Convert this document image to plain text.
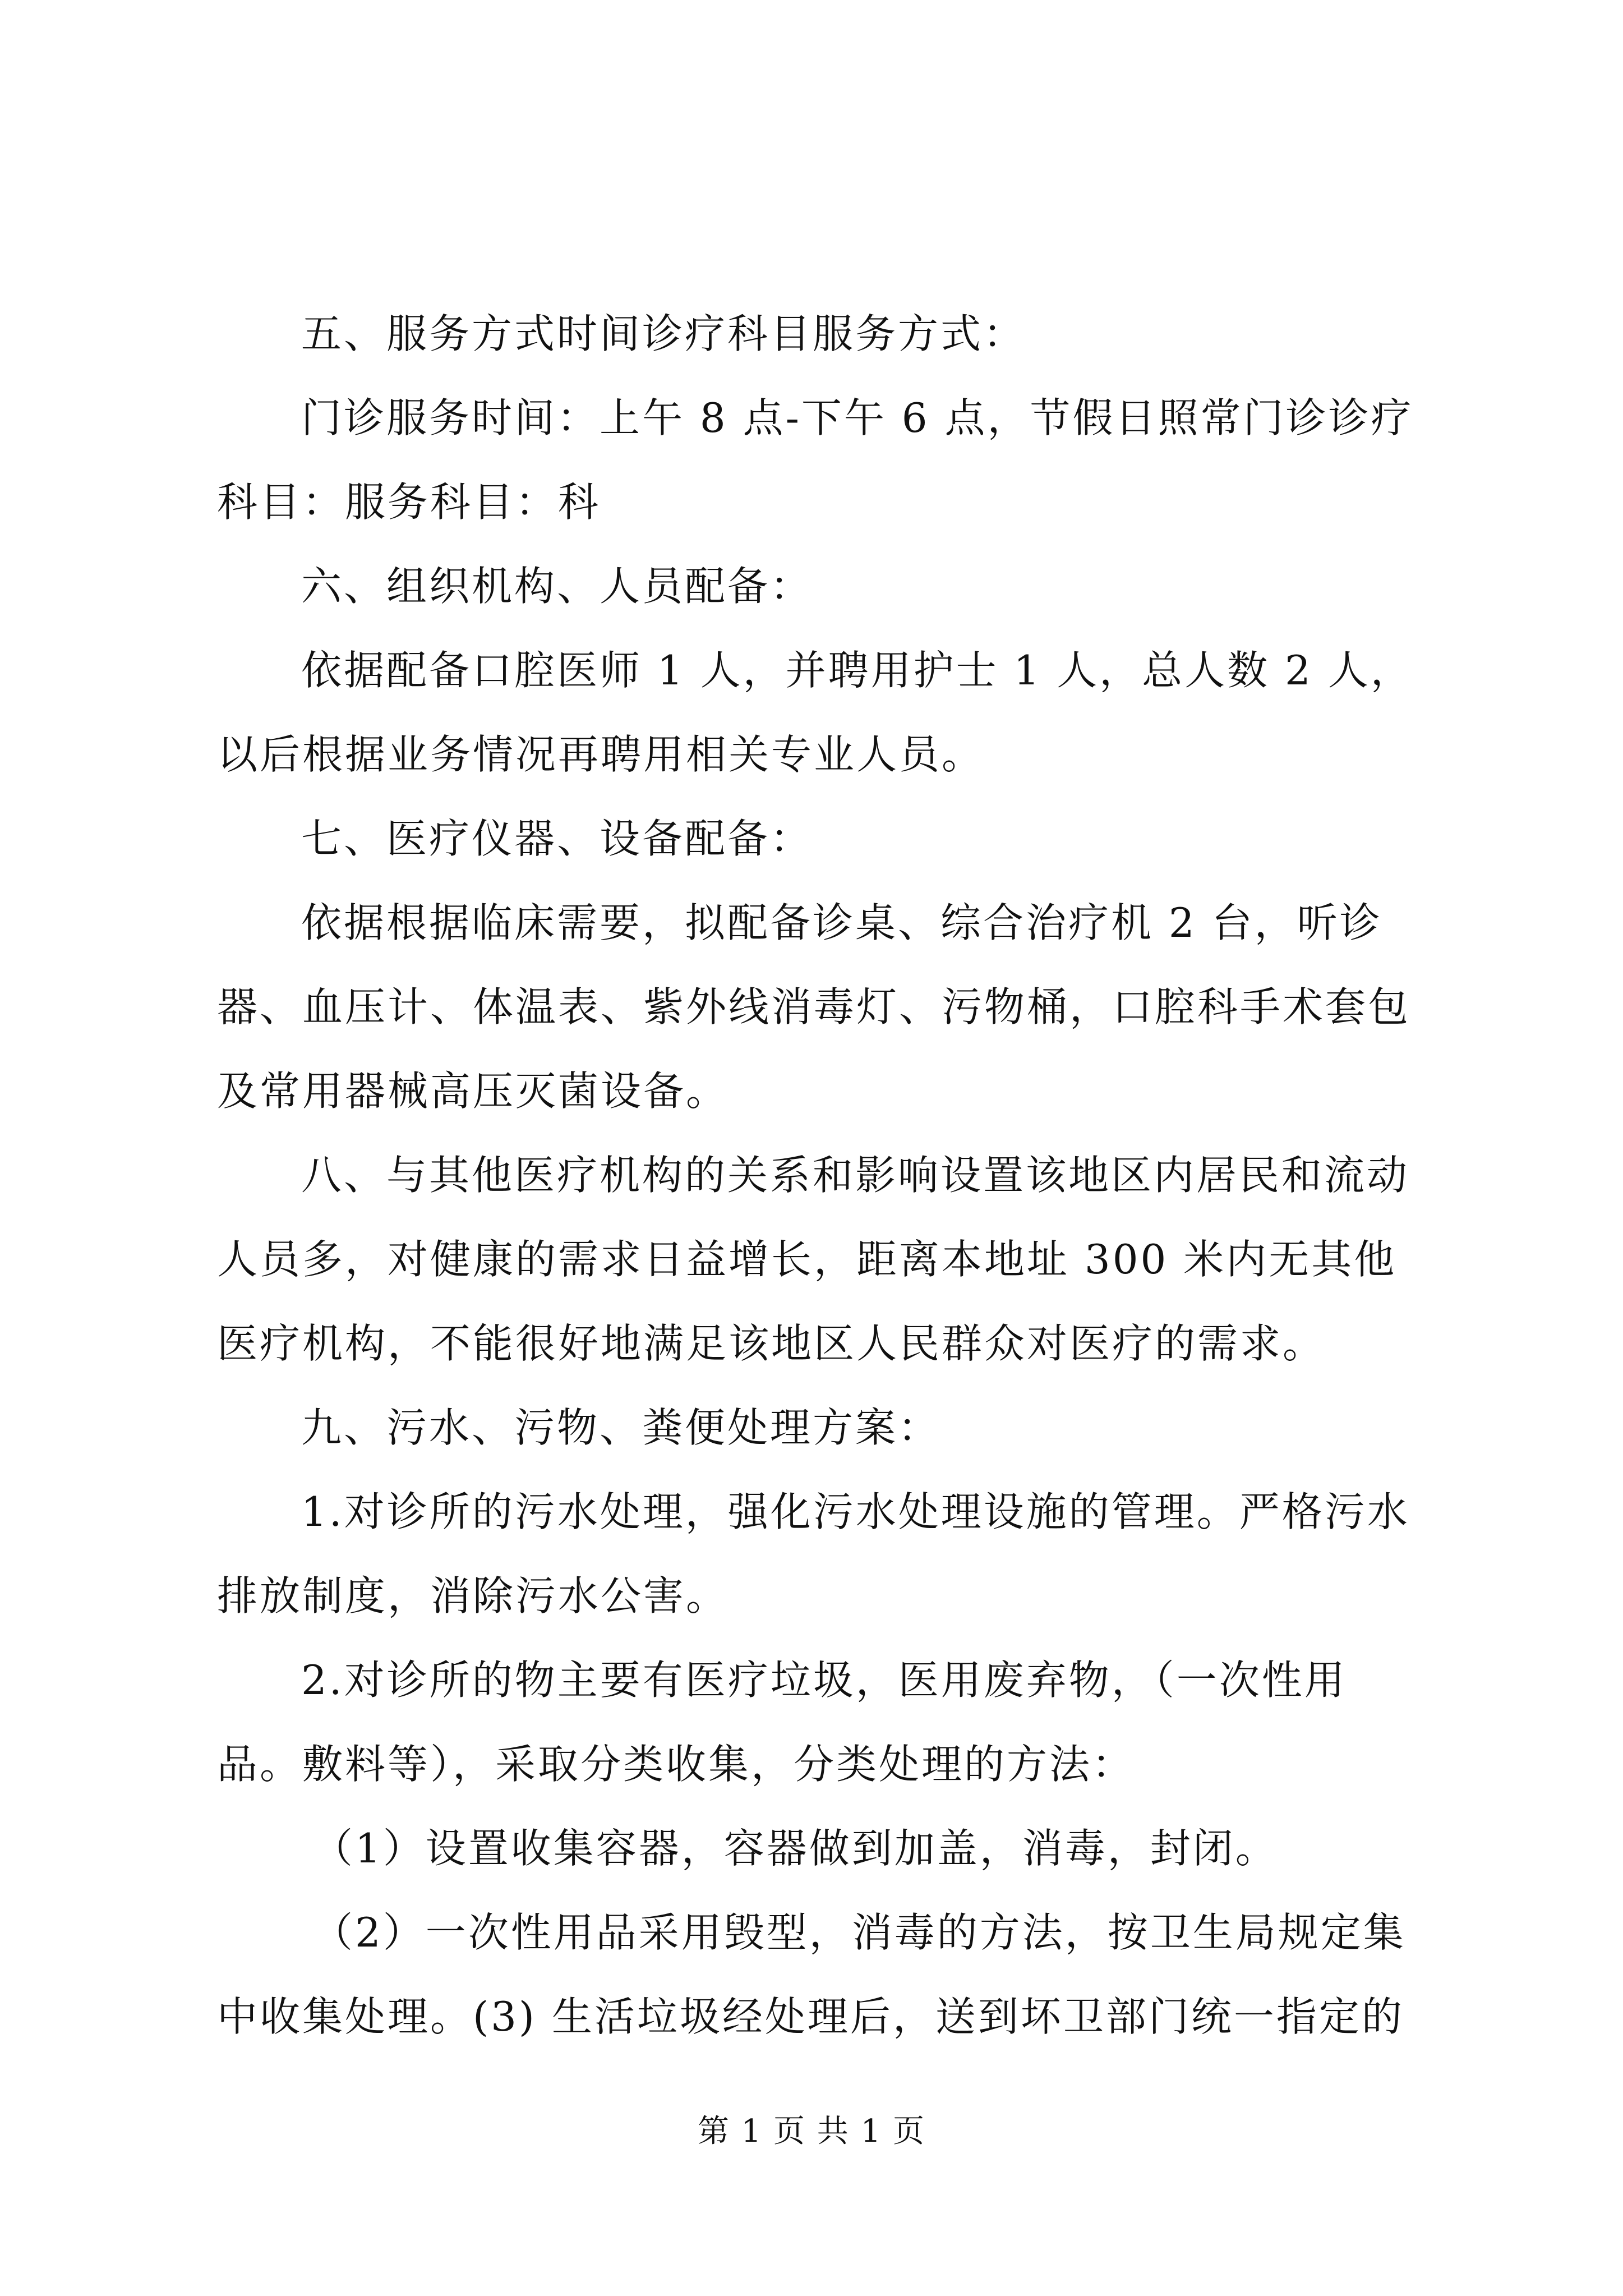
五、服务方式时间诊疗科目服务方式：

门诊服务时间：上午 8 点-下午 6 点，节假日照常门诊诊疗科目：服务科目：科

六、组织机构、人员配备：

依据配备口腔医师 1 人，并聘用护士 1 人，总人数 2 人，以后根据业务情况再聘用相关专业人员。

七、医疗仪器、设备配备：

依据根据临床需要，拟配备诊桌、综合治疗机 2 台，听诊器、血压计、体温表、紫外线消毒灯、污物桶，口腔科手术套包及常用器械高压灭菌设备。

八、与其他医疗机构的关系和影响设置该地区内居民和流动人员多，对健康的需求日益增长，距离本地址 300 米内无其他医疗机构，不能很好地满足该地区人民群众对医疗的需求。

九、污水、污物、粪便处理方案：

1.对诊所的污水处理，强化污水处理设施的管理。严格污水排放制度，消除污水公害。

2.对诊所的物主要有医疗垃圾，医用废弃物，（一次性用品。敷料等），采取分类收集，分类处理的方法：

（1）设置收集容器，容器做到加盖，消毒，封闭。

（2）一次性用品采用毁型，消毒的方法，按卫生局规定集中收集处理。(3) 生活垃圾经处理后，送到坏卫部门统一指定的

第 1 页 共 1 页
